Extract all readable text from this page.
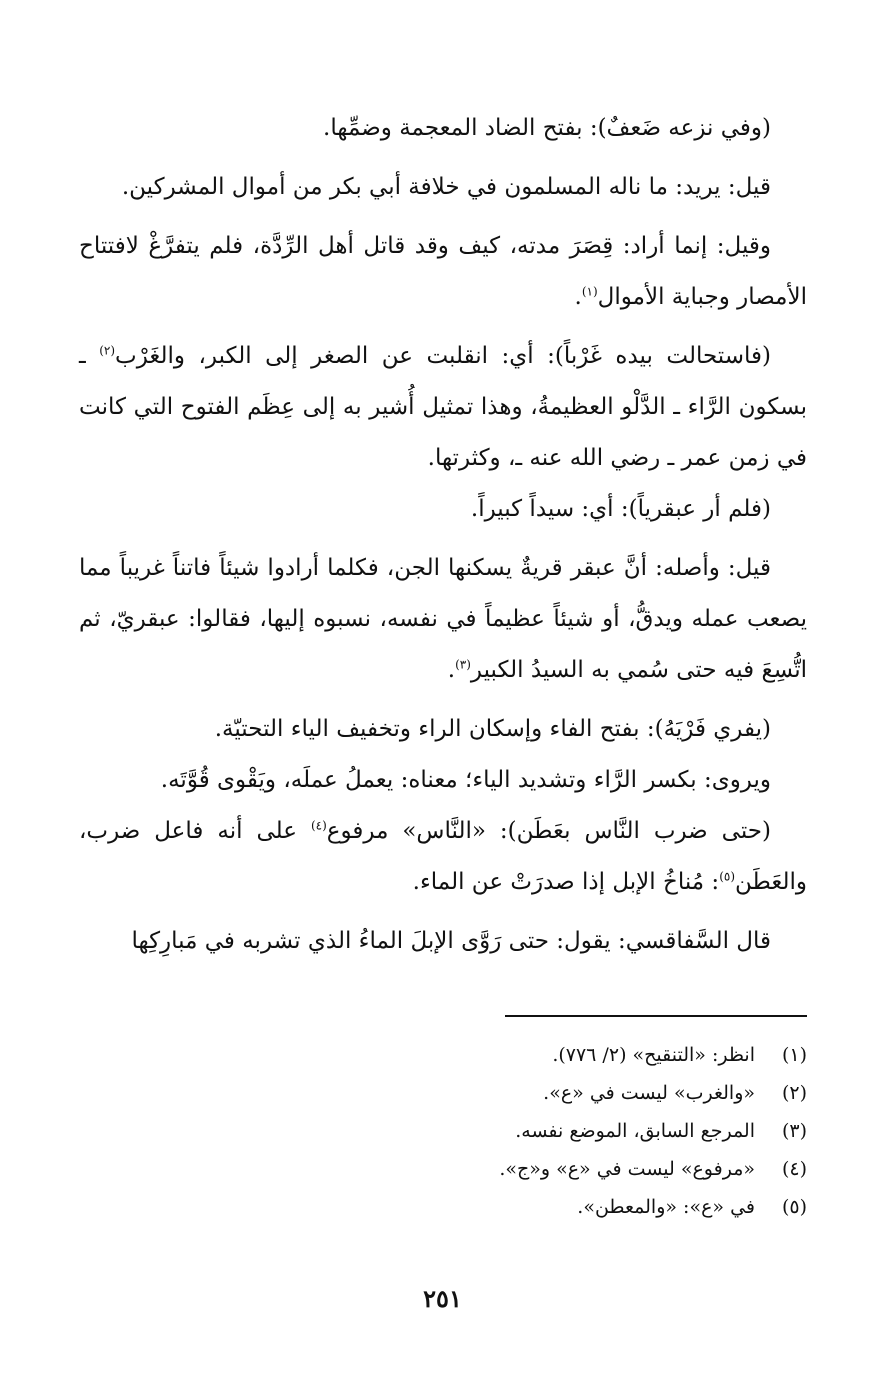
(وفي نزعه ضَعفٌ): بفتح الضاد المعجمة وضمِّها.

قيل: يريد: ما ناله المسلمون في خلافة أبي بكر من أموال المشركين.

وقيل: إنما أراد: قِصَرَ مدته، كيف وقد قاتل أهل الرِّدَّة، فلم يتفرَّغْ لافتتاح الأمصار وجباية الأموال$^{(١)}$.

(فاستحالت بيده غَرْباً): أي: انقلبت عن الصغر إلى الكبر، والغَرْب$^{(٢)}$ ـ بسكون الرَّاء ـ الدَّلْو العظيمةُ، وهذا تمثيل أُشير به إلى عِظَم الفتوح التي كانت في زمن عمر ـ رضي الله عنه ـ، وكثرتها.

(فلم أر عبقرياً): أي: سيداً كبيراً.

قيل: وأصله: أنَّ عبقر قريةٌ يسكنها الجن، فكلما أرادوا شيئاً فاتناً غريباً مما يصعب عمله ويدقُّ، أو شيئاً عظيماً في نفسه، نسبوه إليها، فقالوا: عبقريّ، ثم اتُّسِعَ فيه حتى سُمي به السيدُ الكبير$^{(٣)}$.

(يفري فَرْيَهُ): بفتح الفاء وإسكان الراء وتخفيف الياء التحتيّة.

ويروى: بكسر الرَّاء وتشديد الياء؛ معناه: يعملُ عملَه، ويَقْوى قُوَّتَه.

(حتى ضرب النَّاس بعَطَن): «النَّاس» مرفوع$^{(٤)}$ على أنه فاعل ضرب، والعَطَن$^{(٥)}$: مُناخُ الإبل إذا صدرَتْ عن الماء.

قال السَّفاقسي: يقول: حتى رَوَّى الإبلَ الماءُ الذي تشربه في مَبارِكِها

(١)
انظر: «التنقيح» (٢/ ٧٧٦).
(٢)
«والغرب» ليست في «ع».
(٣)
المرجع السابق، الموضع نفسه.
(٤)
«مرفوع» ليست في «ع» و«ج».
(٥)
في «ع»: «والمعطن».
٢٥١
